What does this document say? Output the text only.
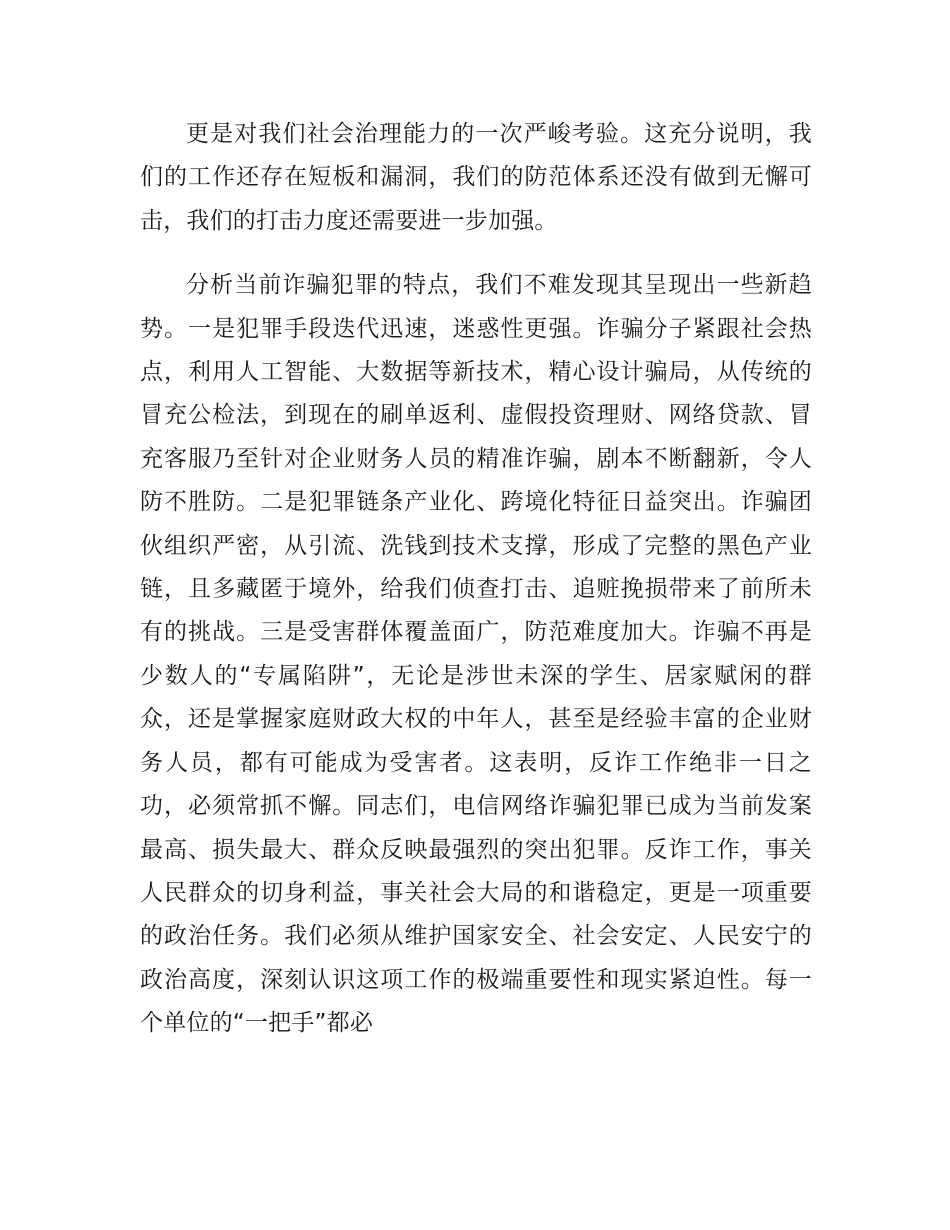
更是对我们社会治理能力的一次严峻考验。这充分说明，我们的工作还存在短板和漏洞，我们的防范体系还没有做到无懈可击，我们的打击力度还需要进一步加强。

分析当前诈骗犯罪的特点，我们不难发现其呈现出一些新趋势。一是犯罪手段迭代迅速，迷惑性更强。诈骗分子紧跟社会热点，利用人工智能、大数据等新技术，精心设计骗局，从传统的冒充公检法，到现在的刷单返利、虚假投资理财、网络贷款、冒充客服乃至针对企业财务人员的精准诈骗，剧本不断翻新，令人防不胜防。二是犯罪链条产业化、跨境化特征日益突出。诈骗团伙组织严密，从引流、洗钱到技术支撑，形成了完整的黑色产业链，且多藏匿于境外，给我们侦查打击、追赃挽损带来了前所未有的挑战。三是受害群体覆盖面广，防范难度加大。诈骗不再是少数人的“专属陷阱”，无论是涉世未深的学生、居家赋闲的群众，还是掌握家庭财政大权的中年人，甚至是经验丰富的企业财务人员，都有可能成为受害者。这表明，反诈工作绝非一日之功，必须常抓不懈。同志们，电信网络诈骗犯罪已成为当前发案最高、损失最大、群众反映最强烈的突出犯罪。反诈工作，事关人民群众的切身利益，事关社会大局的和谐稳定，更是一项重要的政治任务。我们必须从维护国家安全、社会安定、人民安宁的政治高度，深刻认识这项工作的极端重要性和现实紧迫性。每一个单位的“一把手”都必
